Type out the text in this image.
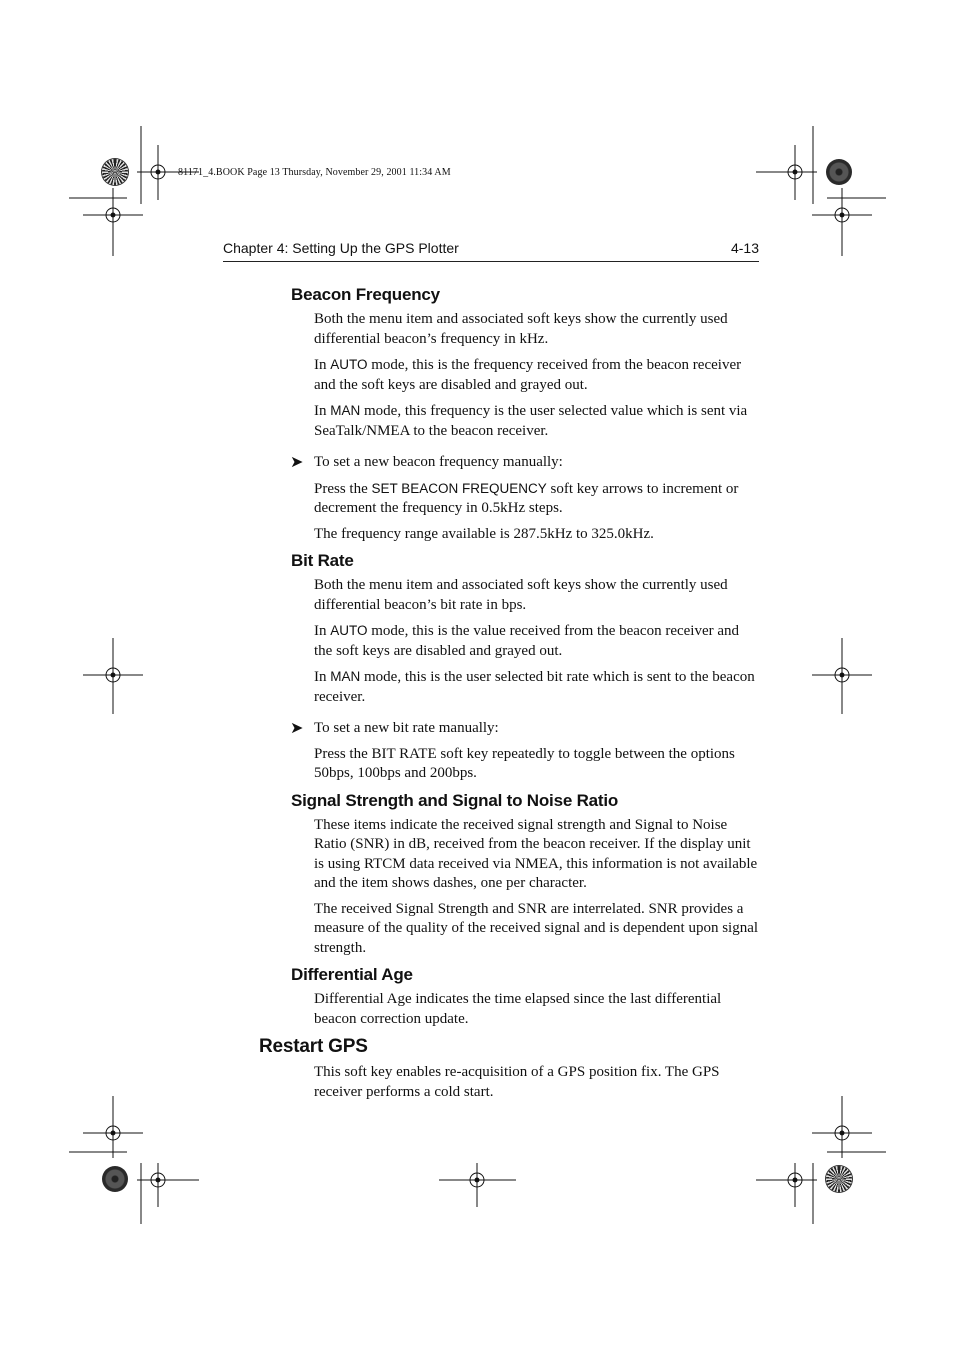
81171_4.BOOK Page 13 Thursday, November 29, 2001 11:34 AM
Chapter 4: Setting Up the GPS Plotter	4-13
Beacon Frequency

Both the menu item and associated soft keys show the currently used differential beacon’s frequency in kHz.

In AUTO mode, this is the frequency received from the beacon receiver and the soft keys are disabled and grayed out.

In MAN mode, this frequency is the user selected value which is sent via SeaTalk/NMEA to the beacon receiver.

➤ To set a new beacon frequency manually:

Press the SET BEACON FREQUENCY soft key arrows to increment or decrement the frequency in 0.5kHz steps.

The frequency range available is 287.5kHz to 325.0kHz.

Bit Rate

Both the menu item and associated soft keys show the currently used differential beacon’s bit rate in bps.

In AUTO mode, this is the value received from the beacon receiver and the soft keys are disabled and grayed out.

In MAN mode, this is the user selected bit rate which is sent to the beacon receiver.

➤ To set a new bit rate manually:

Press the BIT RATE soft key repeatedly to toggle between the options 50bps, 100bps and 200bps.

Signal Strength and Signal to Noise Ratio

These items indicate the received signal strength and Signal to Noise Ratio (SNR) in dB, received from the beacon receiver. If the display unit is using RTCM data received via NMEA, this information is not available and the item shows dashes, one per character.

The received Signal Strength and SNR are interrelated. SNR provides a measure of the quality of the received signal and is dependent upon signal strength.

Differential Age

Differential Age indicates the time elapsed since the last differential beacon correction update.

Restart GPS

This soft key enables re-acquisition of a GPS position fix. The GPS receiver performs a cold start.
